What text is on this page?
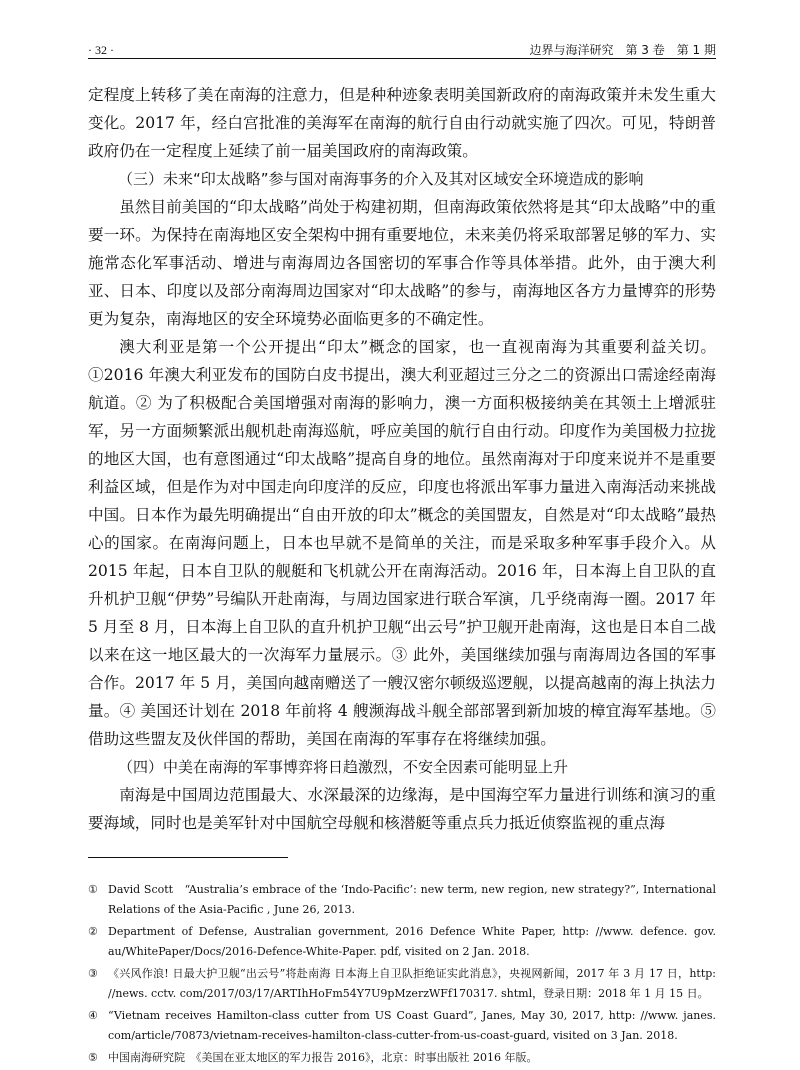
· 32 ·	边界与海洋研究　第 3 卷　第 1 期

定程度上转移了美在南海的注意力，但是种种迹象表明美国新政府的南海政策并未发生重大变化。2017 年，经白宫批准的美海军在南海的航行自由行动就实施了四次。可见，特朗普政府仍在一定程度上延续了前一届美国政府的南海政策。

（三）未来“印太战略”参与国对南海事务的介入及其对区域安全环境造成的影响

虽然目前美国的“印太战略”尚处于构建初期，但南海政策依然将是其“印太战略”中的重要一环。为保持在南海地区安全架构中拥有重要地位，未来美仍将采取部署足够的军力、实施常态化军事活动、增进与南海周边各国密切的军事合作等具体举措。此外，由于澳大利亚、日本、印度以及部分南海周边国家对“印太战略”的参与，南海地区各方力量博弈的形势更为复杂，南海地区的安全环境势必面临更多的不确定性。

澳大利亚是第一个公开提出“印太”概念的国家，也一直视南海为其重要利益关切。①2016 年澳大利亚发布的国防白皮书提出，澳大利亚超过三分之二的资源出口需途经南海航道。② 为了积极配合美国增强对南海的影响力，澳一方面积极接纳美在其领土上增派驻军，另一方面频繁派出舰机赴南海巡航，呼应美国的航行自由行动。印度作为美国极力拉拢的地区大国，也有意图通过“印太战略”提高自身的地位。虽然南海对于印度来说并不是重要利益区域，但是作为对中国走向印度洋的反应，印度也将派出军事力量进入南海活动来挑战中国。日本作为最先明确提出“自由开放的印太”概念的美国盟友，自然是对“印太战略”最热心的国家。在南海问题上，日本也早就不是简单的关注，而是采取多种军事手段介入。从 2015 年起，日本自卫队的舰艇和飞机就公开在南海活动。2016 年，日本海上自卫队的直升机护卫舰“伊势”号编队开赴南海，与周边国家进行联合军演，几乎绕南海一圈。2017 年 5 月至 8 月，日本海上自卫队的直升机护卫舰“出云号”护卫舰开赴南海，这也是日本自二战以来在这一地区最大的一次海军力量展示。③ 此外，美国继续加强与南海周边各国的军事合作。2017 年 5 月，美国向越南赠送了一艘汉密尔顿级巡逻舰，以提高越南的海上执法力量。④ 美国还计划在 2018 年前将 4 艘濒海战斗舰全部部署到新加坡的樟宜海军基地。⑤ 借助这些盟友及伙伴国的帮助，美国在南海的军事存在将继续加强。

（四）中美在南海的军事博弈将日趋激烈，不安全因素可能明显上升

南海是中国周边范围最大、水深最深的边缘海，是中国海空军力量进行训练和演习的重要海域，同时也是美军针对中国航空母舰和核潜艇等重点兵力抵近侦察监视的重点海

① David Scott　“Australia’s embrace of the ‘Indo-Pacific’: new term, new region, new strategy?”, International Relations of the Asia-Pacific , June 26, 2013.
② Department of Defense, Australian government, 2016 Defence White Paper, http: //www. defence. gov. au/WhitePaper/Docs/2016-Defence-White-Paper. pdf, visited on 2 Jan. 2018.
③ 《兴风作浪! 日最大护卫舰“出云号”将赴南海 日本海上自卫队拒绝证实此消息》，央视网新闻，2017 年 3 月 17 日，http: //news. cctv. com/2017/03/17/ARTIhHoFm54Y7U9pMzerzWFf170317. shtml，登录日期：2018 年 1 月 15 日。
④ “Vietnam receives Hamilton-class cutter from US Coast Guard”, Janes, May 30, 2017, http: //www. janes. com/article/70873/vietnam-receives-hamilton-class-cutter-from-us-coast-guard, visited on 3 Jan. 2018.
⑤ 中国南海研究院　《美国在亚太地区的军力报告 2016》，北京：时事出版社 2016 年版。
